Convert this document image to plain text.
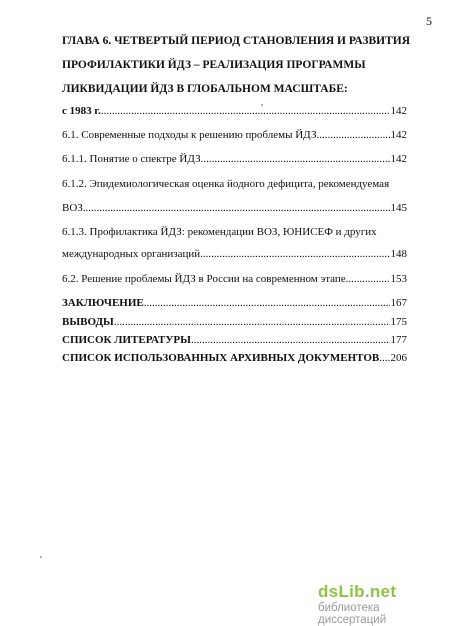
5
ГЛАВА 6. ЧЕТВЕРТЫЙ ПЕРИОД СТАНОВЛЕНИЯ И РАЗВИТИЯ
ПРОФИЛАКТИКИ ЙДЗ – РЕАЛИЗАЦИЯ ПРОГРАММЫ
ЛИКВИДАЦИИ ЙДЗ В ГЛОБАЛЬНОМ МАСШТАБЕ:
с 1983 г. .....	142
6.1. Современные подходы к решению проблемы ЙДЗ .....	142
6.1.1. Понятие о спектре ЙДЗ .....	142
6.1.2. Эпидемиологическая оценка йодного дефицита, рекомендуемая
ВОЗ .....	145
6.1.3. Профилактика ЙДЗ: рекомендации ВОЗ, ЮНИСЕФ и других
международных организаций .....	148
6.2. Решение проблемы ЙДЗ в России на современном этапе .....	153
ЗАКЛЮЧЕНИЕ .....	167
ВЫВОДЫ .....	175
СПИСОК ЛИТЕРАТУРЫ .....	177
СПИСОК ИСПОЛЬЗОВАННЫХ АРХИВНЫХ ДОКУМЕНТОВ ..... 206
dsLib.net
библиотека диссертаций
